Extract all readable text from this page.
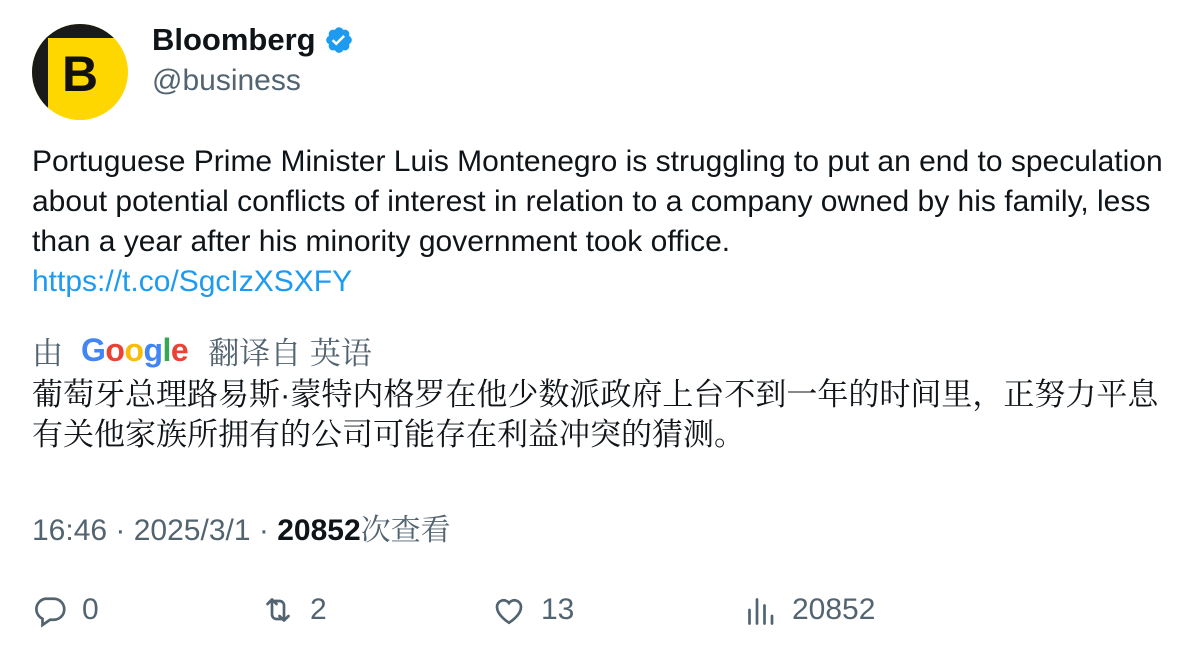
B
Bloomberg
@business
Portuguese Prime Minister Luis Montenegro is struggling to put an end to speculation about potential conflicts of interest in relation to a company owned by his family, less than a year after his minority government took office.
https://t.co/SgcIzXSXFY
由 Google 翻译自 英语
葡萄牙总理路易斯·蒙特内格罗在他少数派政府上台不到一年的时间里，正努力平息有关他家族所拥有的公司可能存在利益冲突的猜测。
16:46 · 2025/3/1 · 20852次查看
0	2	13	20852
